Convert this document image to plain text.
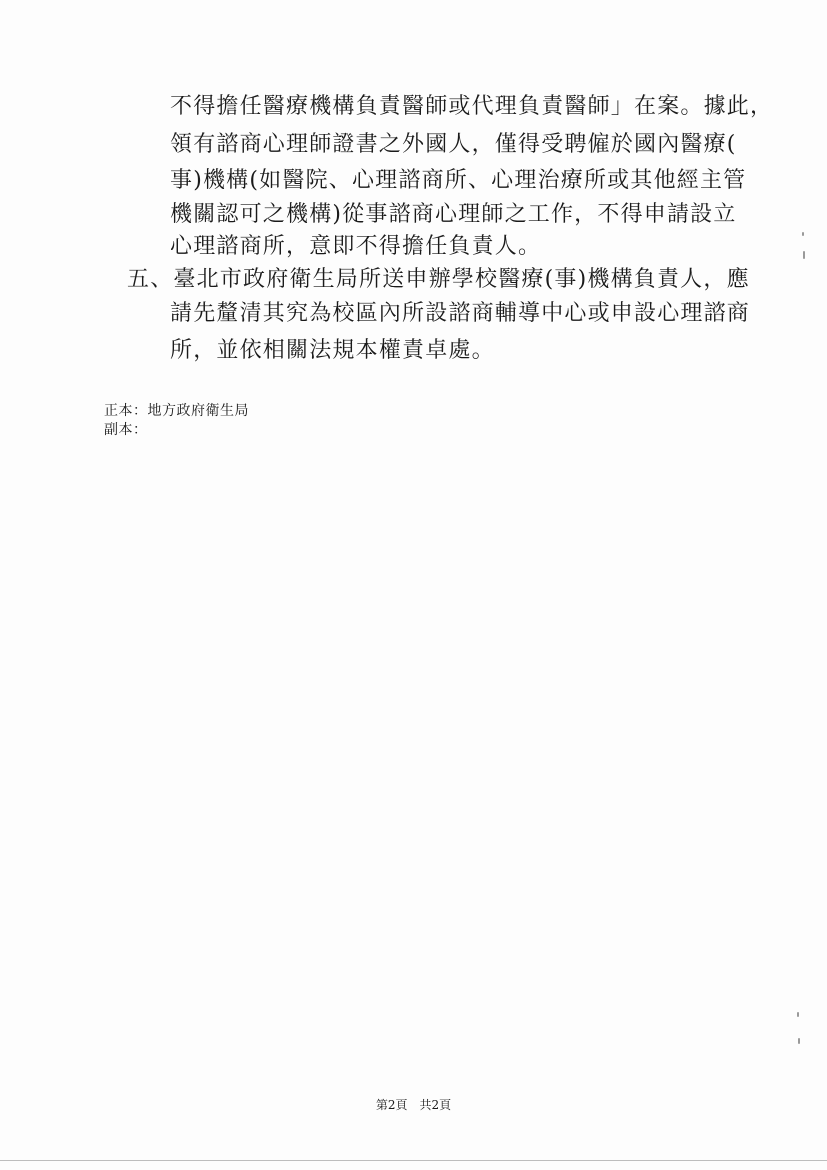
不得擔任醫療機構負責醫師或代理負責醫師」在案。據此，
領有諮商心理師證書之外國人，僅得受聘僱於國內醫療(
事)機構(如醫院、心理諮商所、心理治療所或其他經主管
機關認可之機構)從事諮商心理師之工作，不得申請設立
心理諮商所，意即不得擔任負責人。
五、臺北市政府衛生局所送申辦學校醫療(事)機構負責人，應
請先釐清其究為校區內所設諮商輔導中心或申設心理諮商
所，並依相關法規本權責卓處。
正本：地方政府衛生局
副本：
第2頁　共2頁
